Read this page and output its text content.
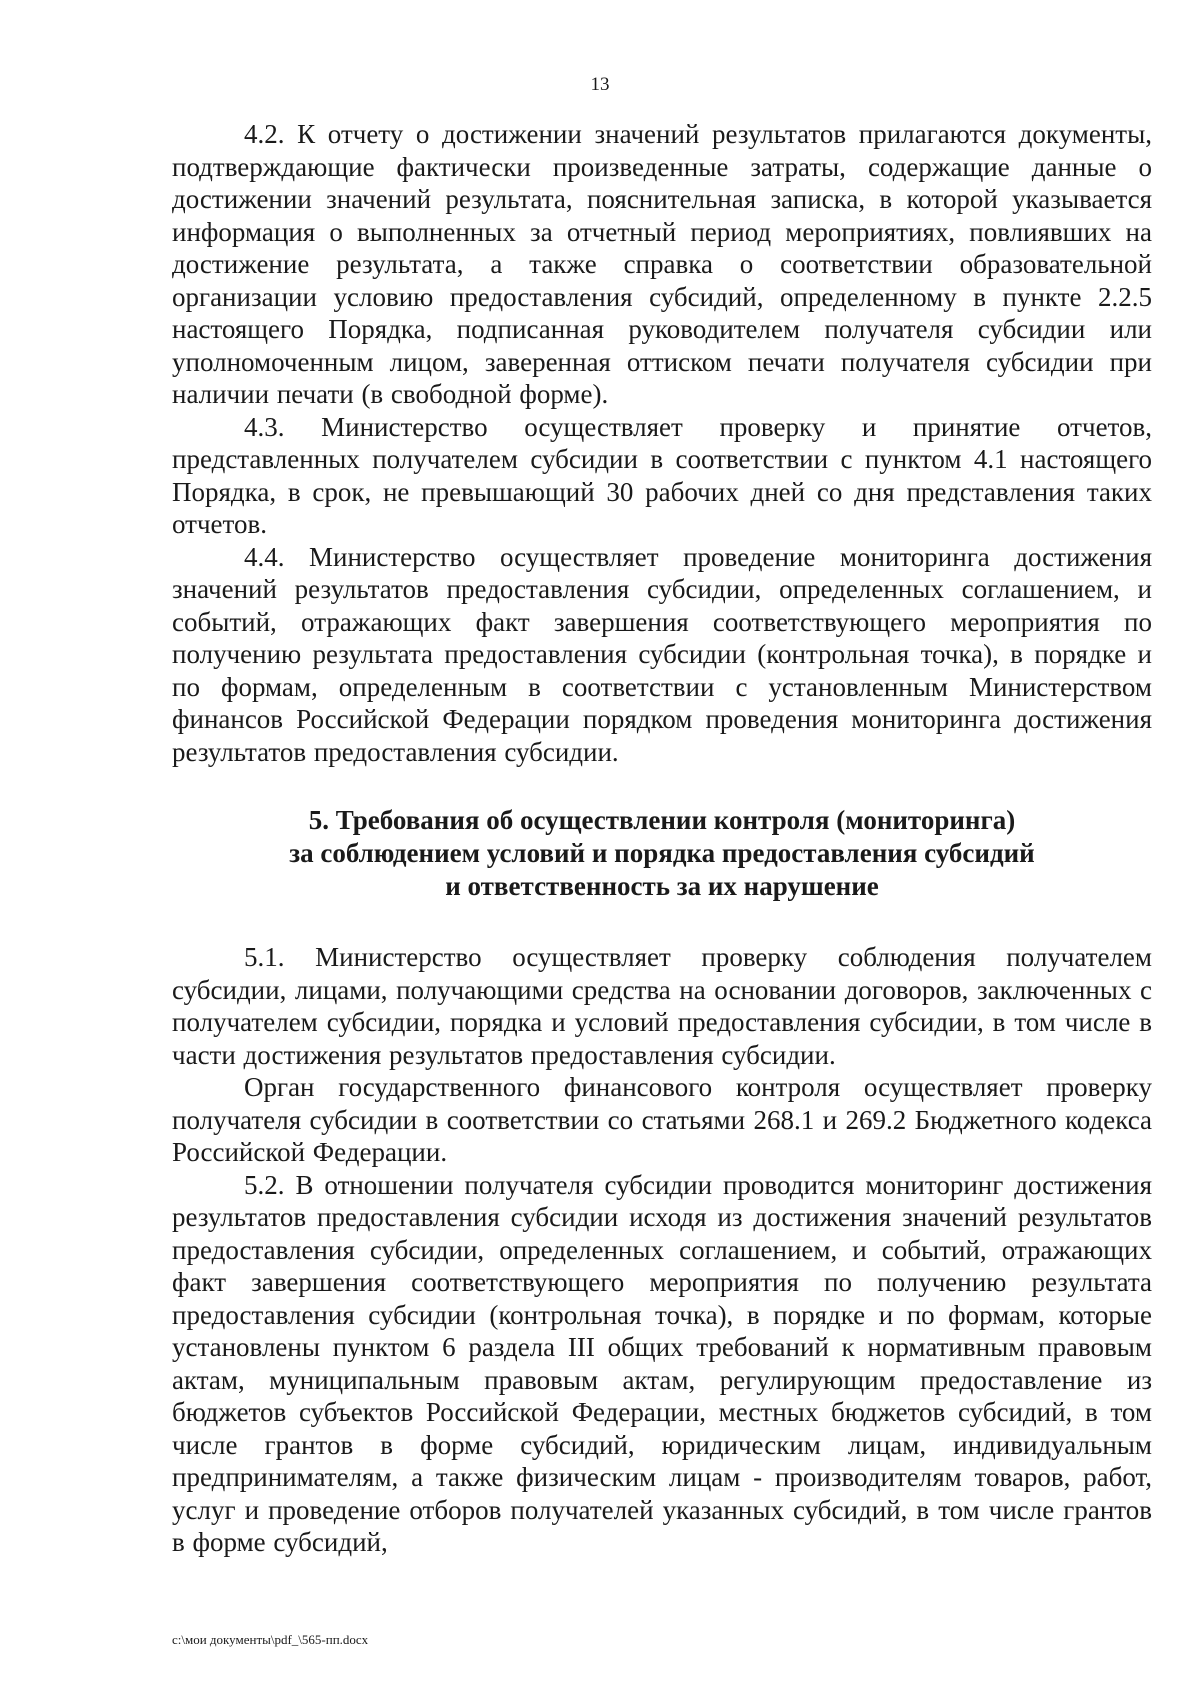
13

4.2. К отчету о достижении значений результатов прилагаются документы, подтверждающие фактически произведенные затраты, содержащие данные о достижении значений результата, пояснительная записка, в которой указывается информация о выполненных за отчетный период мероприятиях, повлиявших на достижение результата, а также справка о соответствии образовательной организации условию предоставления субсидий, определенному в пункте 2.2.5 настоящего Порядка, подписанная руководителем получателя субсидии или уполномоченным лицом, заверенная оттиском печати получателя субсидии при наличии печати (в свободной форме).

4.3. Министерство осуществляет проверку и принятие отчетов, представленных получателем субсидии в соответствии с пунктом 4.1 настоящего Порядка, в срок, не превышающий 30 рабочих дней со дня представления таких отчетов.

4.4. Министерство осуществляет проведение мониторинга достижения значений результатов предоставления субсидии, определенных соглашением, и событий, отражающих факт завершения соответствующего мероприятия по получению результата предоставления субсидии (контрольная точка), в порядке и по формам, определенным в соответствии с установленным Министерством финансов Российской Федерации порядком проведения мониторинга достижения результатов предоставления субсидии.

5. Требования об осуществлении контроля (мониторинга)
за соблюдением условий и порядка предоставления субсидий
и ответственность за их нарушение

5.1. Министерство осуществляет проверку соблюдения получателем субсидии, лицами, получающими средства на основании договоров, заключенных с получателем субсидии, порядка и условий предоставления субсидии, в том числе в части достижения результатов предоставления субсидии.

Орган государственного финансового контроля осуществляет проверку получателя субсидии в соответствии со статьями 268.1 и 269.2 Бюджетного кодекса Российской Федерации.

5.2. В отношении получателя субсидии проводится мониторинг достижения результатов предоставления субсидии исходя из достижения значений результатов предоставления субсидии, определенных соглашением, и событий, отражающих факт завершения соответствующего мероприятия по получению результата предоставления субсидии (контрольная точка), в порядке и по формам, которые установлены пунктом 6 раздела III общих требований к нормативным правовым актам, муниципальным правовым актам, регулирующим предоставление из бюджетов субъектов Российской Федерации, местных бюджетов субсидий, в том числе грантов в форме субсидий, юридическим лицам, индивидуальным предпринимателям, а также физическим лицам - производителям товаров, работ, услуг и проведение отборов получателей указанных субсидий, в том числе грантов в форме субсидий,

c:\мои документы\pdf_\565-пп.docx
